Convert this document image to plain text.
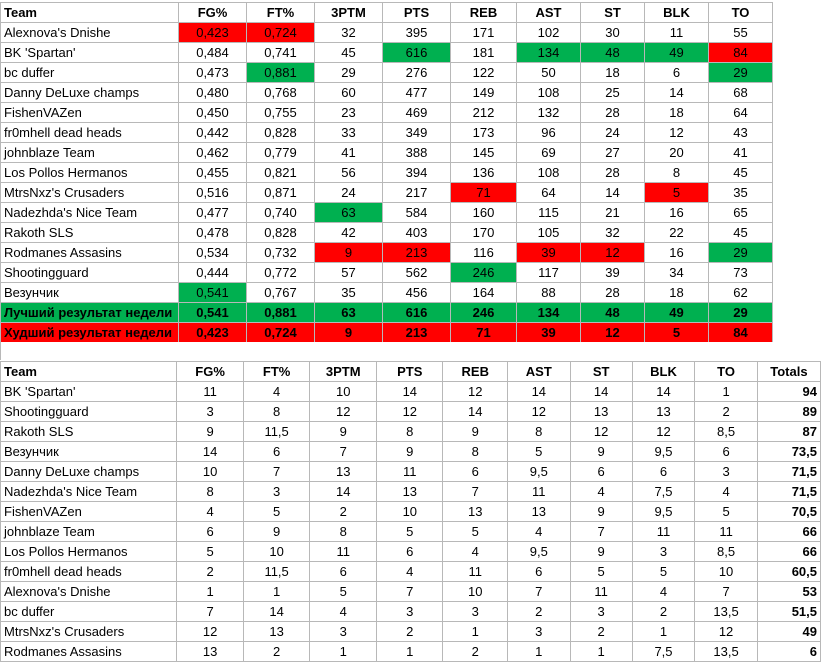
Team	FG%	FT%	3PTM	PTS	REB	AST	ST	BLK	TO
Alexnova's Dnishe	0,423	0,724	32	395	171	102	30	11	55
BK 'Spartan'	0,484	0,741	45	616	181	134	48	49	84
bc duffer	0,473	0,881	29	276	122	50	18	6	29
Danny DeLuxe champs	0,480	0,768	60	477	149	108	25	14	68
FishenVAZen	0,450	0,755	23	469	212	132	28	18	64
fr0mhell dead heads	0,442	0,828	33	349	173	96	24	12	43
johnblaze Team	0,462	0,779	41	388	145	69	27	20	41
Los Pollos Hermanos	0,455	0,821	56	394	136	108	28	8	45
MtrsNxz's Crusaders	0,516	0,871	24	217	71	64	14	5	35
Nadezhda's Nice Team	0,477	0,740	63	584	160	115	21	16	65
Rakoth SLS	0,478	0,828	42	403	170	105	32	22	45
Rodmanes Assasins	0,534	0,732	9	213	116	39	12	16	29
Shootingguard	0,444	0,772	57	562	246	117	39	34	73
Везунчик	0,541	0,767	35	456	164	88	28	18	62
Лучший результат недели	0,541	0,881	63	616	246	134	48	49	29
Худший результат недели	0,423	0,724	9	213	71	39	12	5	84
Team	FG%	FT%	3PTM	PTS	REB	AST	ST	BLK	TO	Totals
BK 'Spartan'	11	4	10	14	12	14	14	14	1	94
Shootingguard	3	8	12	12	14	12	13	13	2	89
Rakoth SLS	9	11,5	9	8	9	8	12	12	8,5	87
Везунчик	14	6	7	9	8	5	9	9,5	6	73,5
Danny DeLuxe champs	10	7	13	11	6	9,5	6	6	3	71,5
Nadezhda's Nice Team	8	3	14	13	7	11	4	7,5	4	71,5
FishenVAZen	4	5	2	10	13	13	9	9,5	5	70,5
johnblaze Team	6	9	8	5	5	4	7	11	11	66
Los Pollos Hermanos	5	10	11	6	4	9,5	9	3	8,5	66
fr0mhell dead heads	2	11,5	6	4	11	6	5	5	10	60,5
Alexnova's Dnishe	1	1	5	7	10	7	11	4	7	53
bc duffer	7	14	4	3	3	2	3	2	13,5	51,5
MtrsNxz's Crusaders	12	13	3	2	1	3	2	1	12	49
Rodmanes Assasins	13	2	1	1	2	1	1	7,5	13,5	6
